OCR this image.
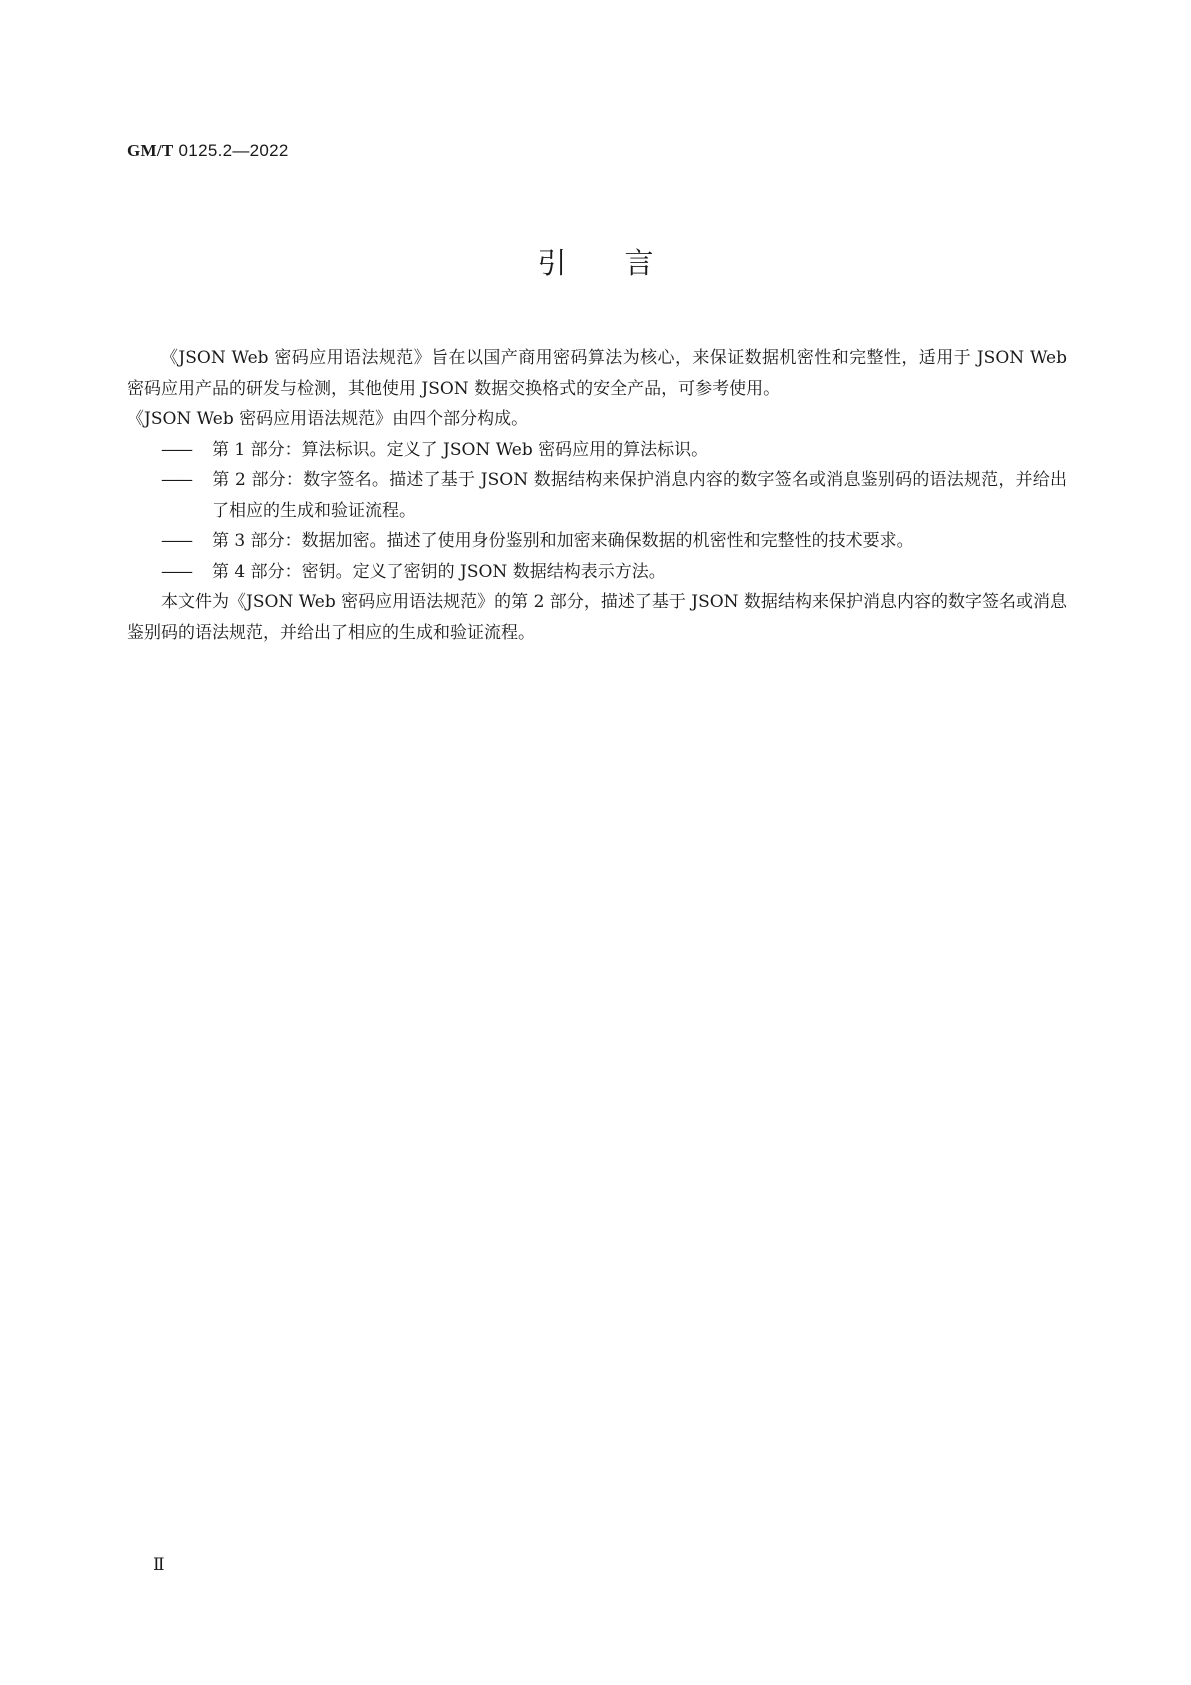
GM/T 0125.2—2022
引言

《JSON Web 密码应用语法规范》旨在以国产商用密码算法为核心，来保证数据机密性和完整性，适用于 JSON Web 密码应用产品的研发与检测，其他使用 JSON 数据交换格式的安全产品，可参考使用。

《JSON Web 密码应用语法规范》由四个部分构成。

—— 第 1 部分：算法标识。定义了 JSON Web 密码应用的算法标识。

—— 第 2 部分：数字签名。描述了基于 JSON 数据结构来保护消息内容的数字签名或消息鉴别码的语法规范，并给出了相应的生成和验证流程。

—— 第 3 部分：数据加密。描述了使用身份鉴别和加密来确保数据的机密性和完整性的技术要求。

—— 第 4 部分：密钥。定义了密钥的 JSON 数据结构表示方法。

本文件为《JSON Web 密码应用语法规范》的第 2 部分，描述了基于 JSON 数据结构来保护消息内容的数字签名或消息鉴别码的语法规范，并给出了相应的生成和验证流程。

Ⅱ
